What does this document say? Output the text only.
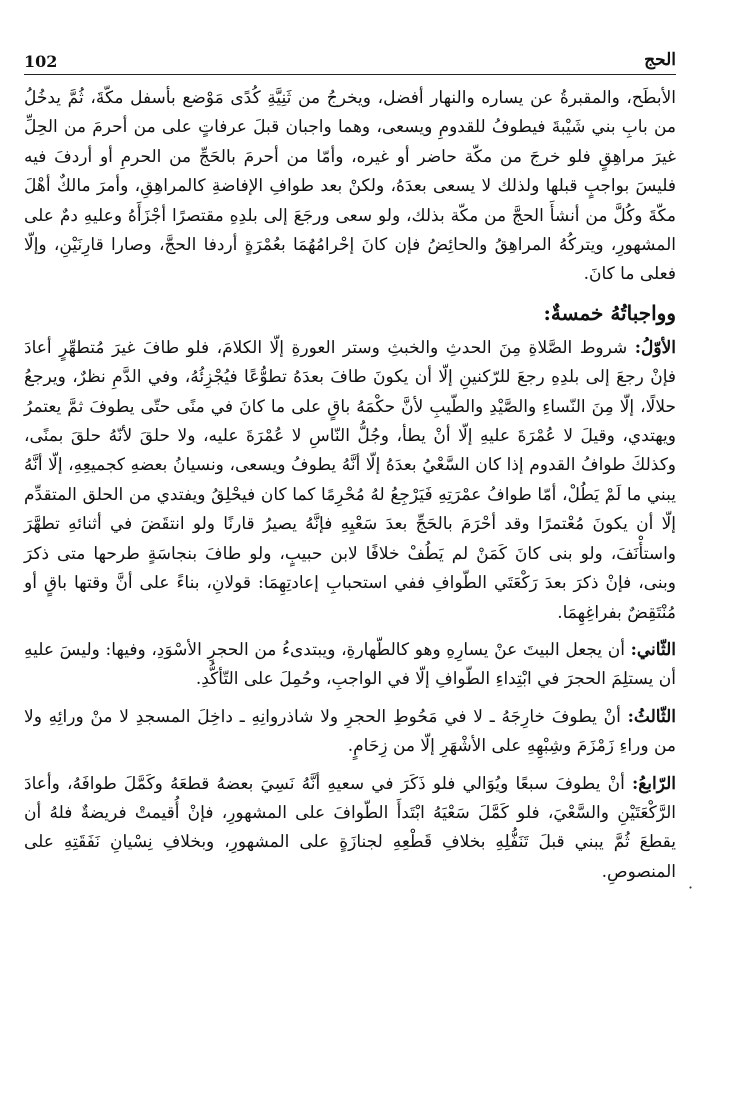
102	الحج

الأبطَح، والمقبرةُ عن يساره والنهار أفضل، ويخرجُ من ثَنِيَّةِ كُدًى مَوْضع بأسفل مكّةَ، ثُمَّ يدخُلُ من بابِ بني شَيْبةَ فيطوفُ للقدومِ ويسعى، وهما واجبان قبلَ عرفاتٍ على من أحرمَ من الحِلِّ غيرَ مراهِقٍ فلو خرجَ من مكّة حاضر أو غيره، وأمّا من أحرمَ بالحَجِّ من الحرمِ أو أردفَ فيه فليسَ بواجبٍ قبلها ولذلك لا يسعى بعدَهُ، ولكنْ بعد طوافِ الإفاضةِ كالمراهِقِ، وأمرَ مالكٌ أهْلَ مكّةَ وكُلَّ من أنشأَ الحجَّ من مكّة بذلك، ولو سعى ورجَعَ إلى بلدِهِ مقتصرًا أجْزَأَهُ وعليهِ دمٌ على المشهورِ، ويتركُهُ المراهِقُ والحائِضُ فإن كانَ إحْرامُهُمَا بعُمْرَةٍ أردفا الحجَّ، وصارا قارِنَيْنِ، وإلّا فعلى ما كانَ.

وواجباتُهُ خمسةٌ:

الأوّلُ: شروط الصَّلاةِ مِنَ الحدثِ والخبثِ وستر العورةِ إلّا الكلامَ، فلو طافَ غيرَ مُتطهِّرٍ أعادَ فإنْ رجعَ إلى بلدِهِ رجعَ للرّكنينِ إلّا أن يكونَ طافَ بعدَهُ تطوُّعًا فيُجْزِئُهُ، وفي الدَّمِ نظرٌ، ويرجعُ حلالًا، إلّا مِنَ النّساءِ والصَّيْدِ والطّيبِ لأنَّ حكْمَهُ باقٍ على ما كانَ في منًى حتّى يطوفَ ثمَّ يعتمرُ ويهتدي، وقيلَ لا عُمْرَةَ عليهِ إلّا أنْ يطأ، وجُلُّ النّاسِ لا عُمْرَةَ عليه، ولا حلقَ لأنّهُ حلقَ بمنًى، وكذلكَ طوافُ القدوم إذا كان السَّعْيُ بعدَهُ إلّا أنَّهُ يطوفُ ويسعى، ونسيانُ بعضهِ كجميعِهِ، إلّا أنَّهُ يبني ما لَمْ يَطُلْ، أمّا طوافُ عمْرَتِهِ فَيَرْجِعُ لهُ مُحْرِمًا كما كان فيحْلِقُ ويفتدي من الحلق المتقدِّم إلّا أن يكونَ مُعْتمرًا وقد أحْرَمَ بالحَجِّ بعدَ سَعْيِهِ فإنَّهُ يصيرُ قارنًا ولو انتقَضَ في أثنائهِ تطهَّرَ واستأْنَفَ، ولو بنى كانَ كَمَنْ لم يَطُفْ خلافًا لابن حبيبٍ، ولو طافَ بنجاسَةٍ طرحها متى ذكرَ وبنى، فإنْ ذكرَ بعدَ رَكْعَتَي الطّوافِ ففي استحبابِ إعادتِهِمَا: قولانِ، بناءً على أنَّ وقتها باقٍ أو مُنْتَقِضٌ بفراغِهِمَا.

الثّاني: أن يجعل البيتَ عنْ يسارِهِ وهو كالطّهارةِ، ويبتدىءُ من الحجرِ الأسْوَدِ، وفيها: وليسَ عليهِ أن يستلِمَ الحجرَ في ابْتِداءِ الطّوافِ إلّا في الواجبِ، وحُمِلَ على التّأكُّدِ.

الثّالثُ: أنْ يطوفَ خارِجَهُ ـ لا في مَحُوطِ الحجرِ ولا شاذروانِهِ ـ داخِلَ المسجدِ لا منْ ورائِهِ ولا من وراءِ زَمْزَمَ وشِبْهِهِ على الأشْهَرِ إلّا من زِحَامٍ.

الرّابعُ: أنْ يطوفَ سبعًا ويُوَالي فلو ذَكَرَ في سعيهِ أنَّهُ نَسِيَ بعضهُ قطعَهُ وكَمَّلَ طوافَهُ، وأعادَ الرَّكْعَتَيْنِ والسَّعْيَ، فلو كَمَّلَ سَعْيَهُ ابْتَدأَ الطّوافَ على المشهورِ، فإنْ أُقيمتْ فريضةٌ فلهُ أن يقطعَ ثُمَّ يبني قبلَ تَنَفُّلِهِ بخلافِ قَطْعِهِ لجنازَةٍ على المشهورِ، وبخلافِ نِسْيانِ نَفَقَتِهِ على المنصوصِ.

·
